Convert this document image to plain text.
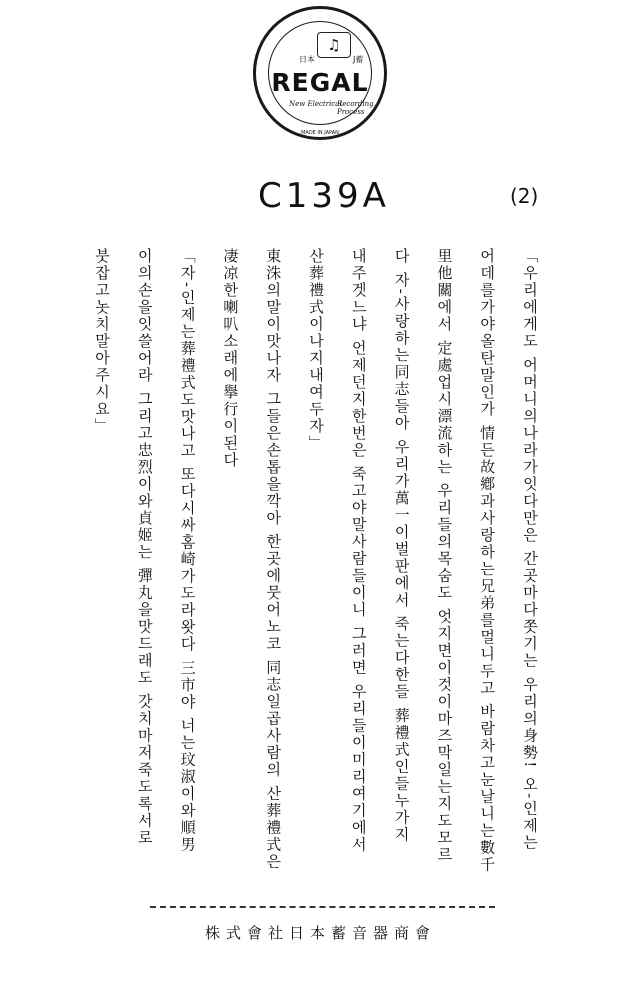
♫
日本	J蓄
REGAL
New Electrical
Recording Process
MADE IN JAPAN
C139A	(2)
「우리에게도 어머니의나라가잇다만은 간곳마다쫏기는 우리의身勢! 오-인제는
어데를가야올탄말인가 情든故鄕과사랑하는兄弟를멀니두고 바람차고눈날니는數千
里他關에서 定處업시漂流하는 우리들의목숨도 엇지면이것이마즈막일는지도모르
다 자-사랑하는同志들아 우리가萬一이벌판에서 죽는다한들 葬禮式인들누가지
내주겟느냐 언제던지한번은 죽고야말사람들이니 그러면 우리들이미리여기에서
산葬禮式이나지내여두자」
東洙의말이맛나자 그들은손톱을깍아 한곳에뭇어노코 同志일곱사람의 산葬禮式은
凄凉한喇叭소래에擧行이된다
「자-인제는葬禮式도맛나고 또다시싸홈崎가도라왓다 三市야 너는玟淑이와順男
이의손을잇쓸어라 그리고忠烈이와貞姬는 彈丸을맛드래도 갓치마저죽도록서로
붓잡고놋치말아주시요」
株式會社日本蓄音器商會
